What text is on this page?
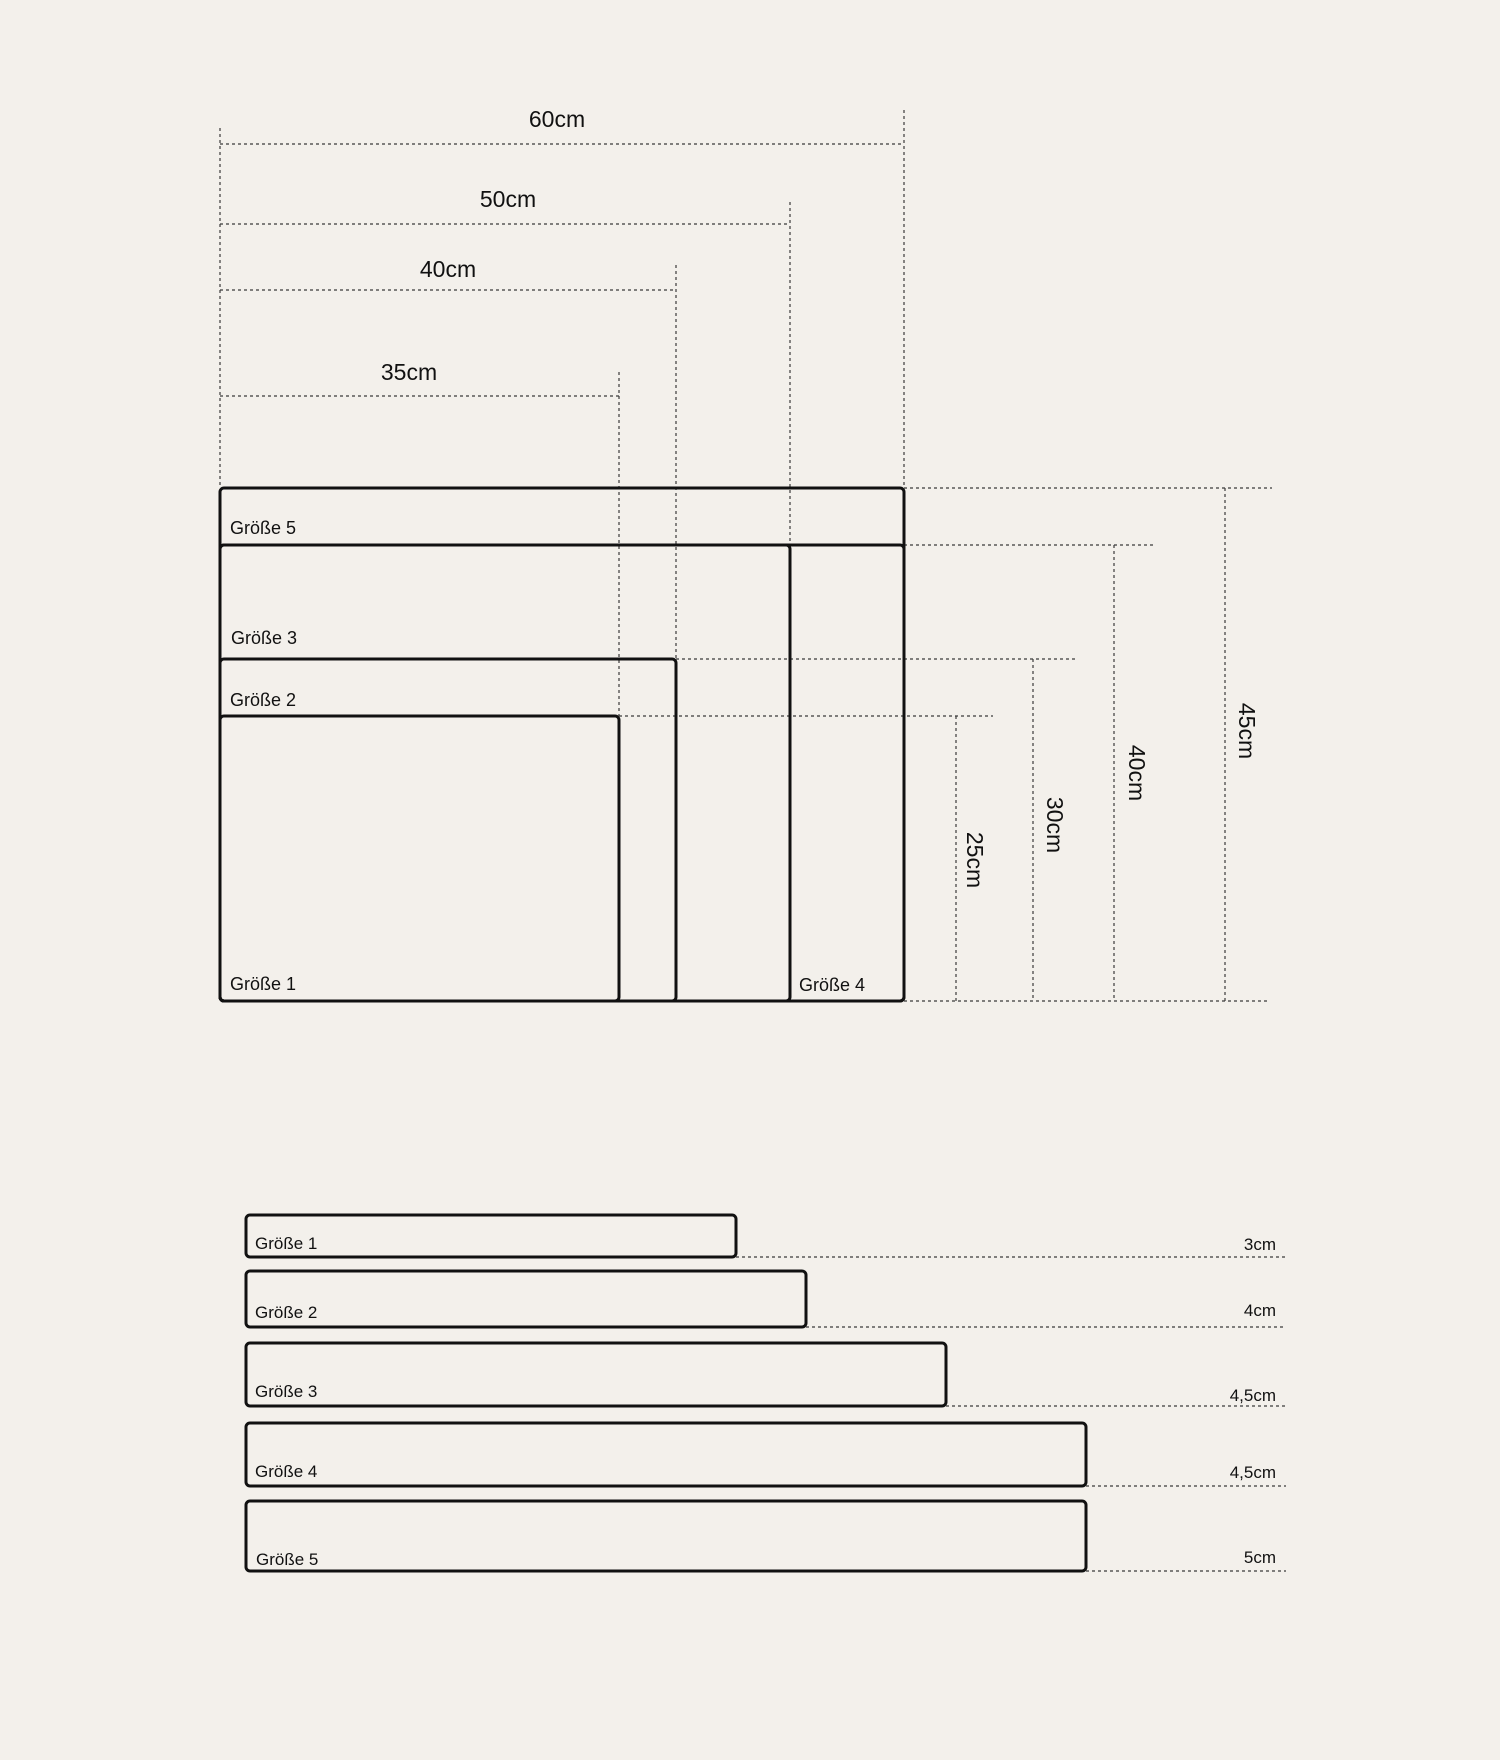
60cm
50cm
40cm
35cm
25cm
30cm
40cm
45cm
Größe 1
Größe 2
Größe 3
Größe 4
Größe 5
Größe 1	3cm
Größe 2	4cm
Größe 3	4,5cm
Größe 4	4,5cm
Größe 5	5cm
